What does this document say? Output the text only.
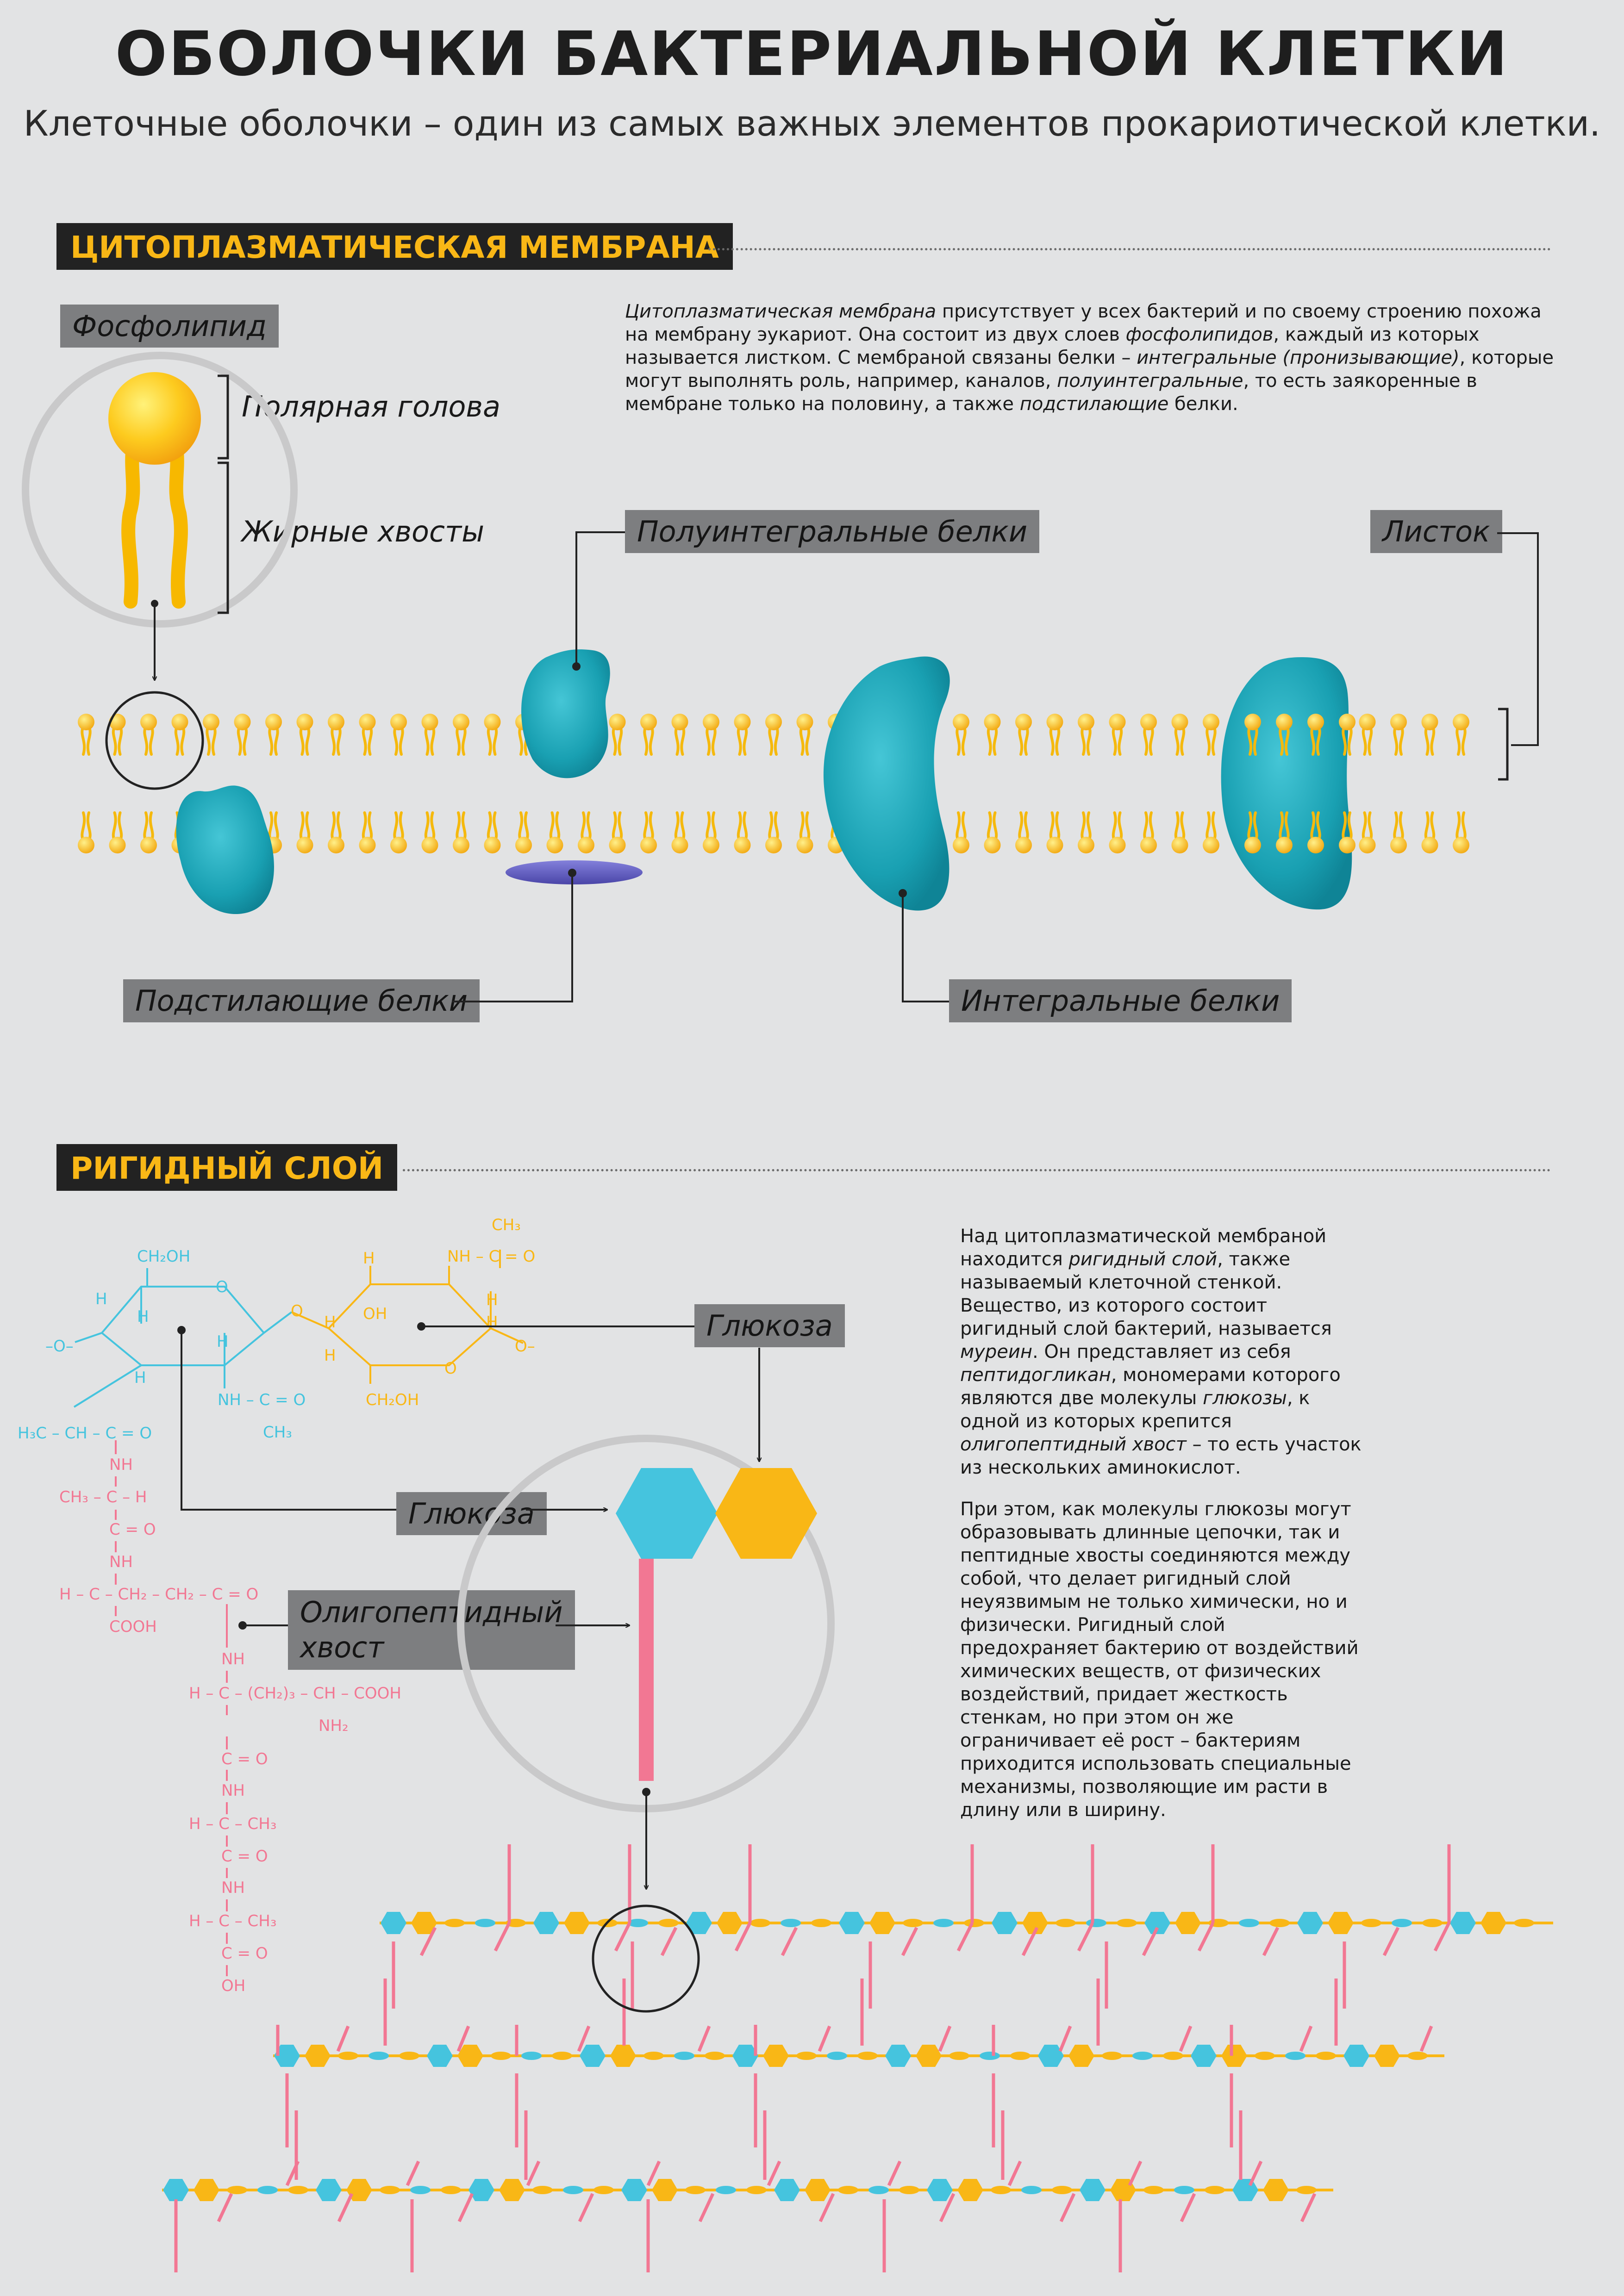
ОБОЛОЧКИ БАКТЕРИАЛЬНОЙ КЛЕТКИ
Клеточные оболочки – один из самых важных элементов прокариотической клетки.
ЦИТОПЛАЗМАТИЧЕСКАЯ МЕМБРАНА
Фосфолипид
Полярная голова
Жирные хвосты

Цитоплазматическая мембрана присутствует у всех бактерий и по своему строению похожа на мембрану эукариот. Она состоит из двух слоев фосфолипидов, каждый из которых называется листком. С мембраной связаны белки – интегральные (пронизывающие), которые могут выполнять роль, например, каналов, полуинтегральные, то есть заякоренные в мембране только на половину, а также подстилающие белки.

Полуинтегральные белки	Листок
Подстилающие белки	Интегральные белки
РИГИДНЫЙ СЛОЙ
Глюкоза
Глюкоза
Олигопептидный
хвост

Над цитоплазматической мембраной находится ригидный слой, также называемый клеточной стенкой. Вещество, из которого состоит ригидный слой бактерий, называется муреин. Он представляет из себя пептидогликан, мономерами которого являются две молекулы глюкозы, к одной из которых крепится олигопептидный хвост – то есть участок из нескольких аминокислот.

При этом, как молекулы глюкозы могут образовывать длинные цепочки, так и пептидные хвосты соединяются между собой, что делает ригидный слой неуязвимым не только химически, но и физически. Ригидный слой предохраняет бактерию от воздействий химических веществ, от физических воздействий, придает жесткость стенкам, но при этом он же ограничивает её рост – бактериям приходится использовать специальные механизмы, позволяющие им расти в длину или в ширину.

CH₂OH
O
H
H
H
H
–O–
NH – C = O
CH₃
H₃C – CH – C = O
CH₃
NH – C = O
H
OH
H
H
H
H
O
O–
O
CH₂OH
NH
CH₃ – C – H
C = O
NH
H – C – CH₂ – CH₂ – C = O
COOH
NH
H – C – (CH₂)₃ – CH – COOH
NH₂
C = O
NH
H – C – CH₃
C = O
NH
H – C – CH₃
C = O
OH
